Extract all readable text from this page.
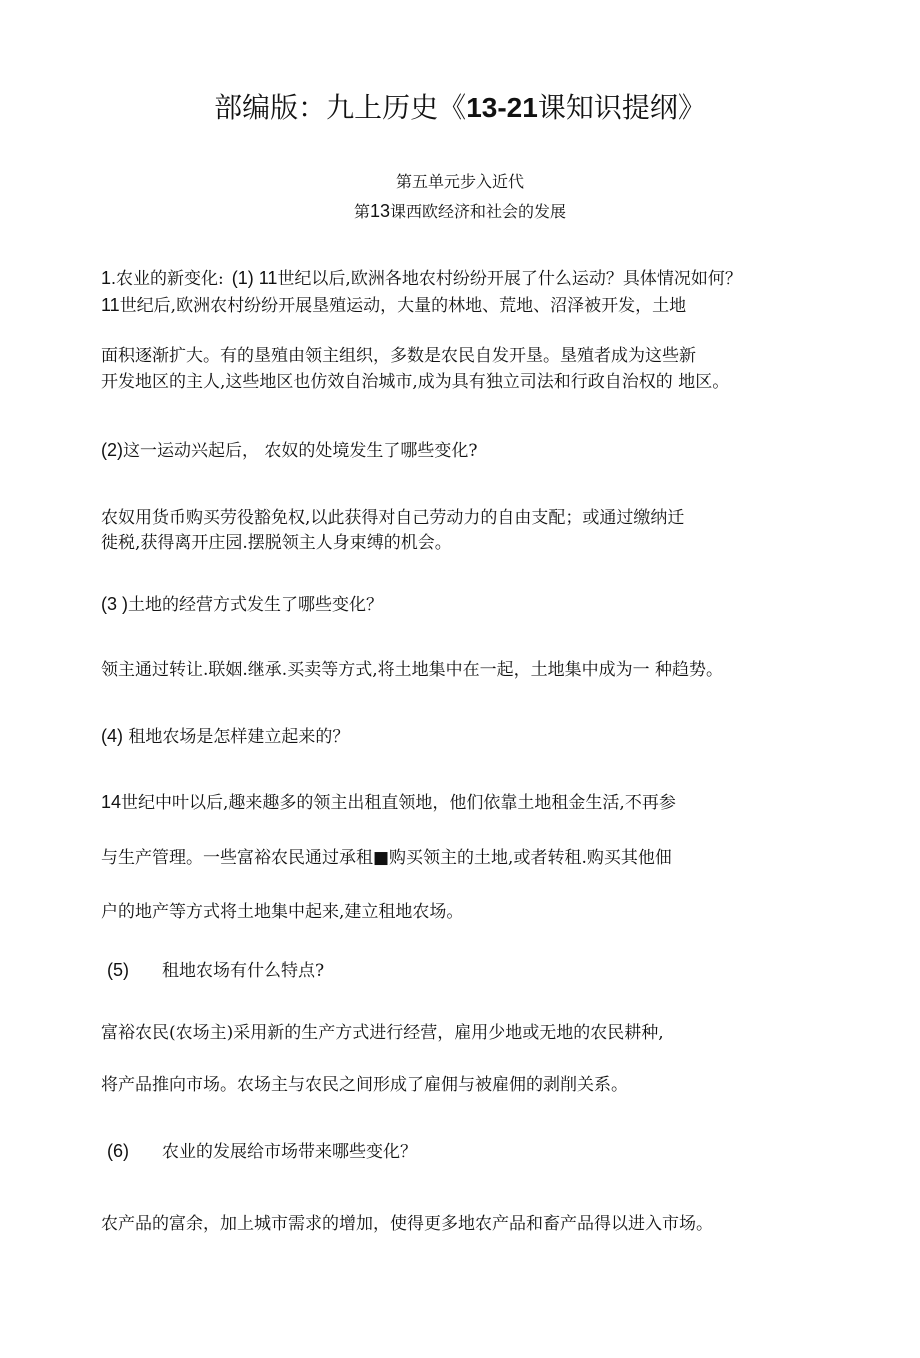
部编版：九上历史《13-21课知识提纲》
第五单元步入近代
第13课西欧经济和社会的发展
1.农业的新变化: (1) 11世纪以后,欧洲各地农村纷纷开展了什么运动？具体情况如何？
11世纪后,欧洲农村纷纷开展垦殖运动，大量的林地、荒地、沼泽被开发，土地
面积逐渐扩大。有的垦殖由领主组织，多数是农民自发开垦。垦殖者成为这些新
开发地区的主人,这些地区也仿效自治城市,成为具有独立司法和行政自治权的 地区。
(2)这一运动兴起后， 农奴的处境发生了哪些变化?
农奴用货币购买劳役豁免权,以此获得对自己劳动力的自由支配；或通过缴纳迁
徙税,获得离开庄园.摆脱领主人身束缚的机会。
(3 )土地的经营方式发生了哪些变化？
领主通过转让.联姻.继承.买卖等方式,将土地集中在一起，土地集中成为一 种趋势。
(4) 租地农场是怎样建立起来的？
14世纪中叶以后,趣来趣多的领主出租直领地，他们依靠土地租金生活,不再参
与生产管理。一些富裕农民通过承租■购买领主的土地,或者转租.购买其他佃
户的地产等方式将土地集中起来,建立租地农场。
(5) 租地农场有什么特点?
富裕农民(农场主)采用新的生产方式进行经营，雇用少地或无地的农民耕种,
将产品推向市场。农场主与农民之间形成了雇佣与被雇佣的剥削关系。
(6) 农业的发展给市场带来哪些变化？
农产品的富余，加上城市需求的增加，使得更多地农产品和畜产品得以进入市场。
